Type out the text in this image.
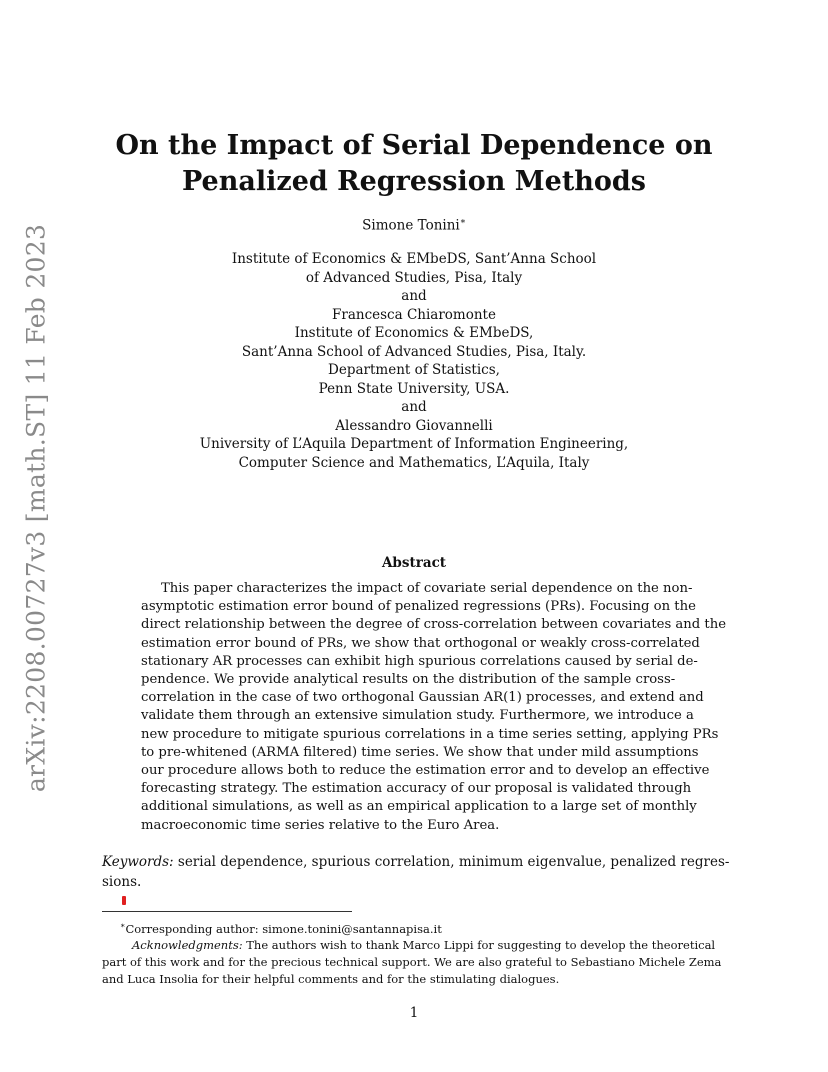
arXiv:2208.00727v3 [math.ST] 11 Feb 2023
On the Impact of Serial Dependence on
Penalized Regression Methods
Simone Tonini∗
Institute of Economics & EMbeDS, Sant’Anna School
of Advanced Studies, Pisa, Italy
and
Francesca Chiaromonte
Institute of Economics & EMbeDS,
Sant’Anna School of Advanced Studies, Pisa, Italy.
Department of Statistics,
Penn State University, USA.
and
Alessandro Giovannelli
University of L’Aquila Department of Information Engineering,
Computer Science and Mathematics, L’Aquila, Italy
Abstract
This paper characterizes the impact of covariate serial dependence on the non-
asymptotic estimation error bound of penalized regressions (PRs). Focusing on the
direct relationship between the degree of cross-correlation between covariates and the
estimation error bound of PRs, we show that orthogonal or weakly cross-correlated
stationary AR processes can exhibit high spurious correlations caused by serial de-
pendence. We provide analytical results on the distribution of the sample cross-
correlation in the case of two orthogonal Gaussian AR(1) processes, and extend and
validate them through an extensive simulation study. Furthermore, we introduce a
new procedure to mitigate spurious correlations in a time series setting, applying PRs
to pre-whitened (ARMA filtered) time series. We show that under mild assumptions
our procedure allows both to reduce the estimation error and to develop an effective
forecasting strategy. The estimation accuracy of our proposal is validated through
additional simulations, as well as an empirical application to a large set of monthly
macroeconomic time series relative to the Euro Area.
Keywords: serial dependence, spurious correlation, minimum eigenvalue, penalized regres-
sions.
∗Corresponding author: simone.tonini@santannapisa.it
Acknowledgments: The authors wish to thank Marco Lippi for suggesting to develop the theoretical
part of this work and for the precious technical support. We are also grateful to Sebastiano Michele Zema
and Luca Insolia for their helpful comments and for the stimulating dialogues.
1
